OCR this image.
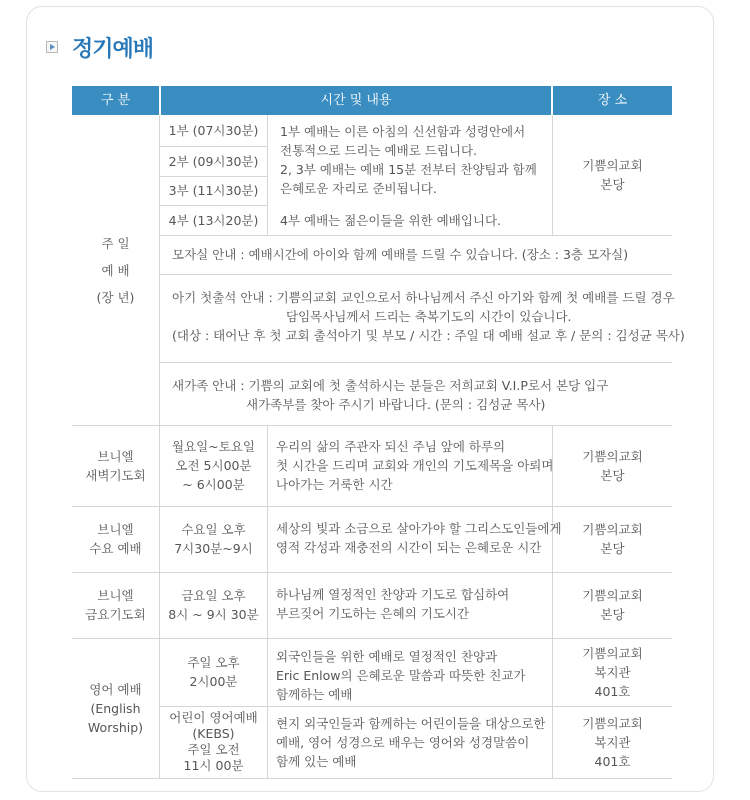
정기예배
구 분	시간 및 내용	장 소
주 일
예 배
(장 년)
1부 (07시30분)
2부 (09시30분)
3부 (11시30분)
4부 (13시20분)
1부 예배는 이른 아침의 신선함과 성령안에서
전통적으로 드리는 예배로 드립니다.
2, 3부 예배는 예배 15분 전부터 찬양팀과 함께
은혜로운 자리로 준비됩니다.
4부 예배는 젊은이들을 위한 예배입니다.
기쁨의교회
본당
모자실 안내 : 예배시간에 아이와 함께 예배를 드릴 수 있습니다. (장소 : 3층 모자실)
아기 첫출석 안내 : 기쁨의교회 교인으로서 하나님께서 주신 아기와 함께 첫 예배를 드릴 경우
담임목사님께서 드리는 축복기도의 시간이 있습니다.
(대상 : 태어난 후 첫 교회 출석아기 및 부모 / 시간 : 주일 대 예배 설교 후 / 문의 : 김성균 목사)
새가족 안내 : 기쁨의 교회에 첫 출석하시는 분들은 저희교회 V.I.P로서 본당 입구
새가족부를 찾아 주시기 바랍니다. (문의 : 김성균 목사)
브니엘
새벽기도회
월요일~토요일
오전 5시00분
~ 6시00분
우리의 삶의 주관자 되신 주님 앞에 하루의
첫 시간을 드리며 교회와 개인의 기도제목을 아뢰며
나아가는 거룩한 시간
기쁨의교회
본당
브니엘
수요 예배
수요일 오후
7시30분~9시
세상의 빛과 소금으로 살아가야 할 그리스도인들에게
영적 각성과 재충전의 시간이 되는 은혜로운 시간
기쁨의교회
본당
브니엘
금요기도회
금요일 오후
8시 ~ 9시 30분
하나님께 열정적인 찬양과 기도로 합심하여
부르짖어 기도하는 은혜의 기도시간
기쁨의교회
본당
영어 예배
(English
Worship)
주일 오후
2시00분
외국인들을 위한 예배로 열정적인 찬양과
Eric Enlow의 은혜로운 말씀과 따뜻한 친교가
함께하는 예배
기쁨의교회
복지관
401호
어린이 영어예배
(KEBS)
주일 오전
11시 00분
현지 외국인들과 함께하는 어린이들을 대상으로한
예배, 영어 성경으로 배우는 영어와 성경말씀이
함께 있는 예배
기쁨의교회
복지관
401호
